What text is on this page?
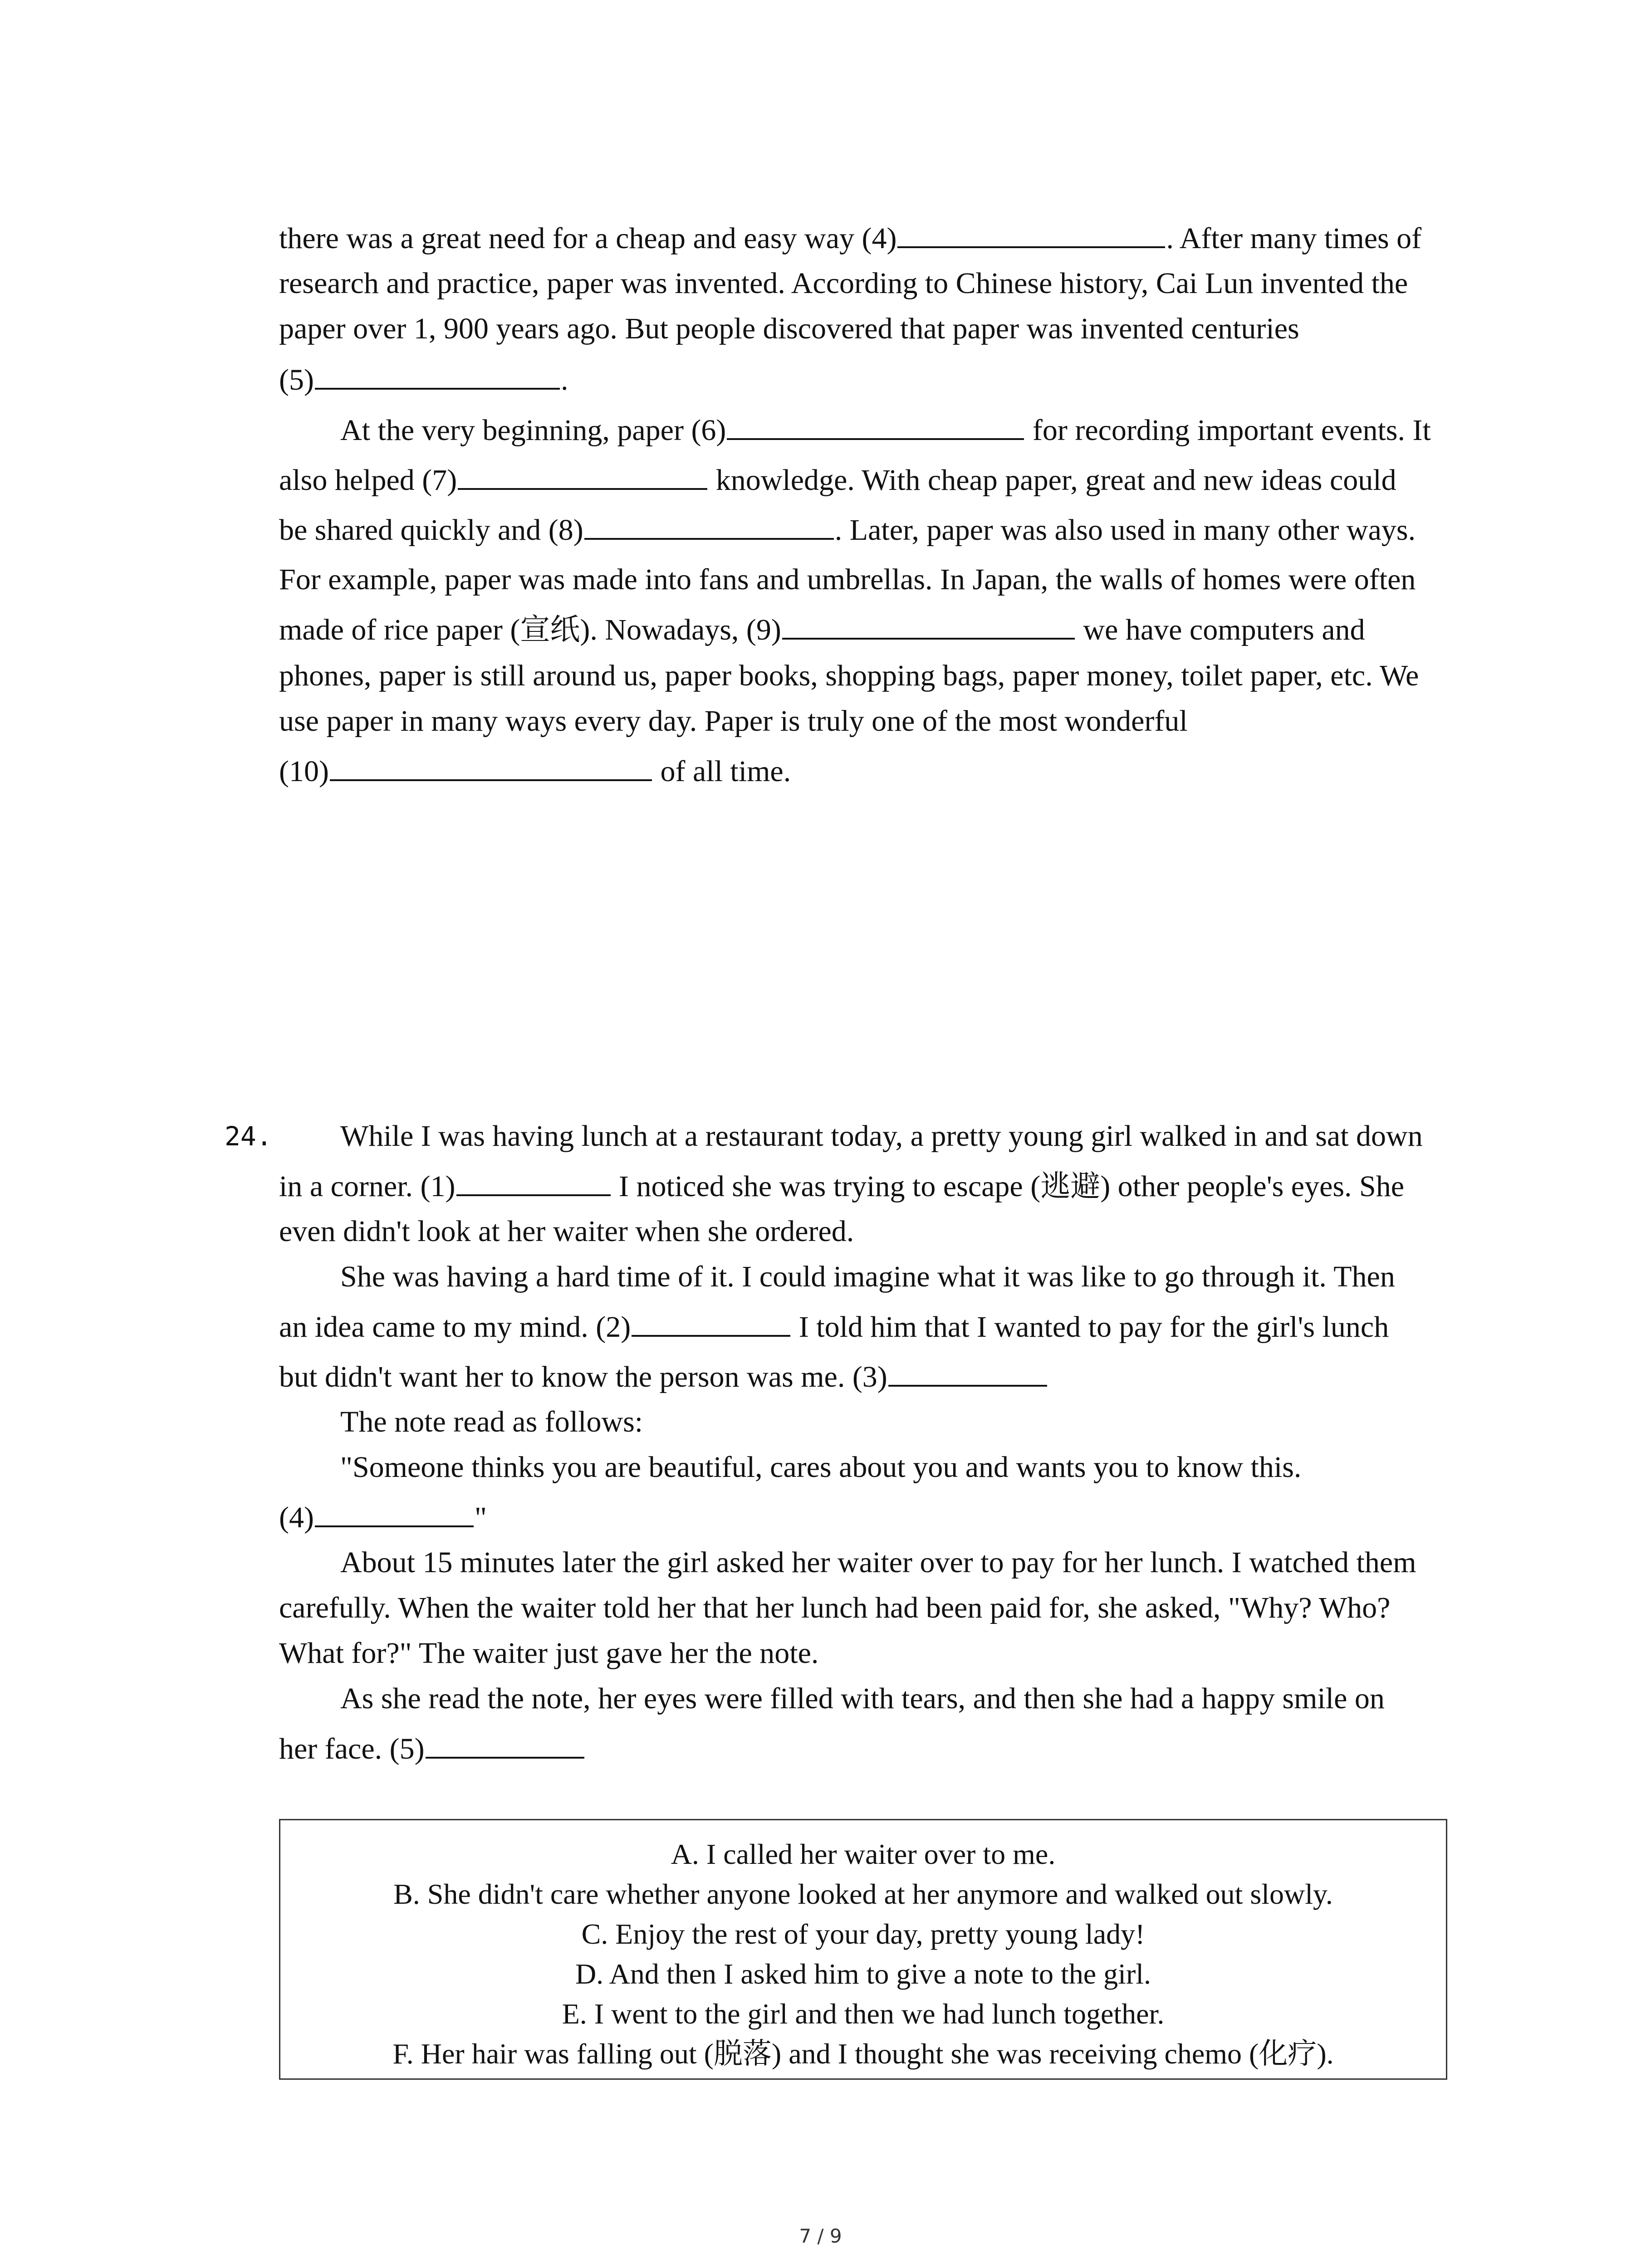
there was a great need for a cheap and easy way (4)	. After many times of
research and practice, paper was invented. According to Chinese history, Cai Lun invented the
paper over 1, 900 years ago. But people discovered that paper was invented centuries
(5)	.
At the very beginning, paper (6)	for recording important events. It
also helped (7)	knowledge. With cheap paper, great and new ideas could
be shared quickly and (8)	. Later, paper was also used in many other ways.
For example, paper was made into fans and umbrellas. In Japan, the walls of homes were often
made of rice paper (宣纸). Nowadays, (9)	we have computers and
phones, paper is still around us, paper books, shopping bags, paper money, toilet paper, etc. We
use paper in many ways every day. Paper is truly one of the most wonderful
(10)	of all time.
24. While I was having lunch at a restaurant today, a pretty young girl walked in and sat down
in a corner. (1)	I noticed she was trying to escape (逃避) other people's eyes. She
even didn't look at her waiter when she ordered.
She was having a hard time of it. I could imagine what it was like to go through it. Then
an idea came to my mind. (2)	I told him that I wanted to pay for the girl's lunch
but didn't want her to know the person was me. (3)
The note read as follows:
"Someone thinks you are beautiful, cares about you and wants you to know this.
(4)	"
About 15 minutes later the girl asked her waiter over to pay for her lunch. I watched them
carefully. When the waiter told her that her lunch had been paid for, she asked, "Why? Who?
What for?" The waiter just gave her the note.
As she read the note, her eyes were filled with tears, and then she had a happy smile on
her face. (5)
A. I called her waiter over to me.
B. She didn't care whether anyone looked at her anymore and walked out slowly.
C. Enjoy the rest of your day, pretty young lady!
D. And then I asked him to give a note to the girl.
E. I went to the girl and then we had lunch together.
F. Her hair was falling out (脱落) and I thought she was receiving chemo (化疗).
7 / 9
